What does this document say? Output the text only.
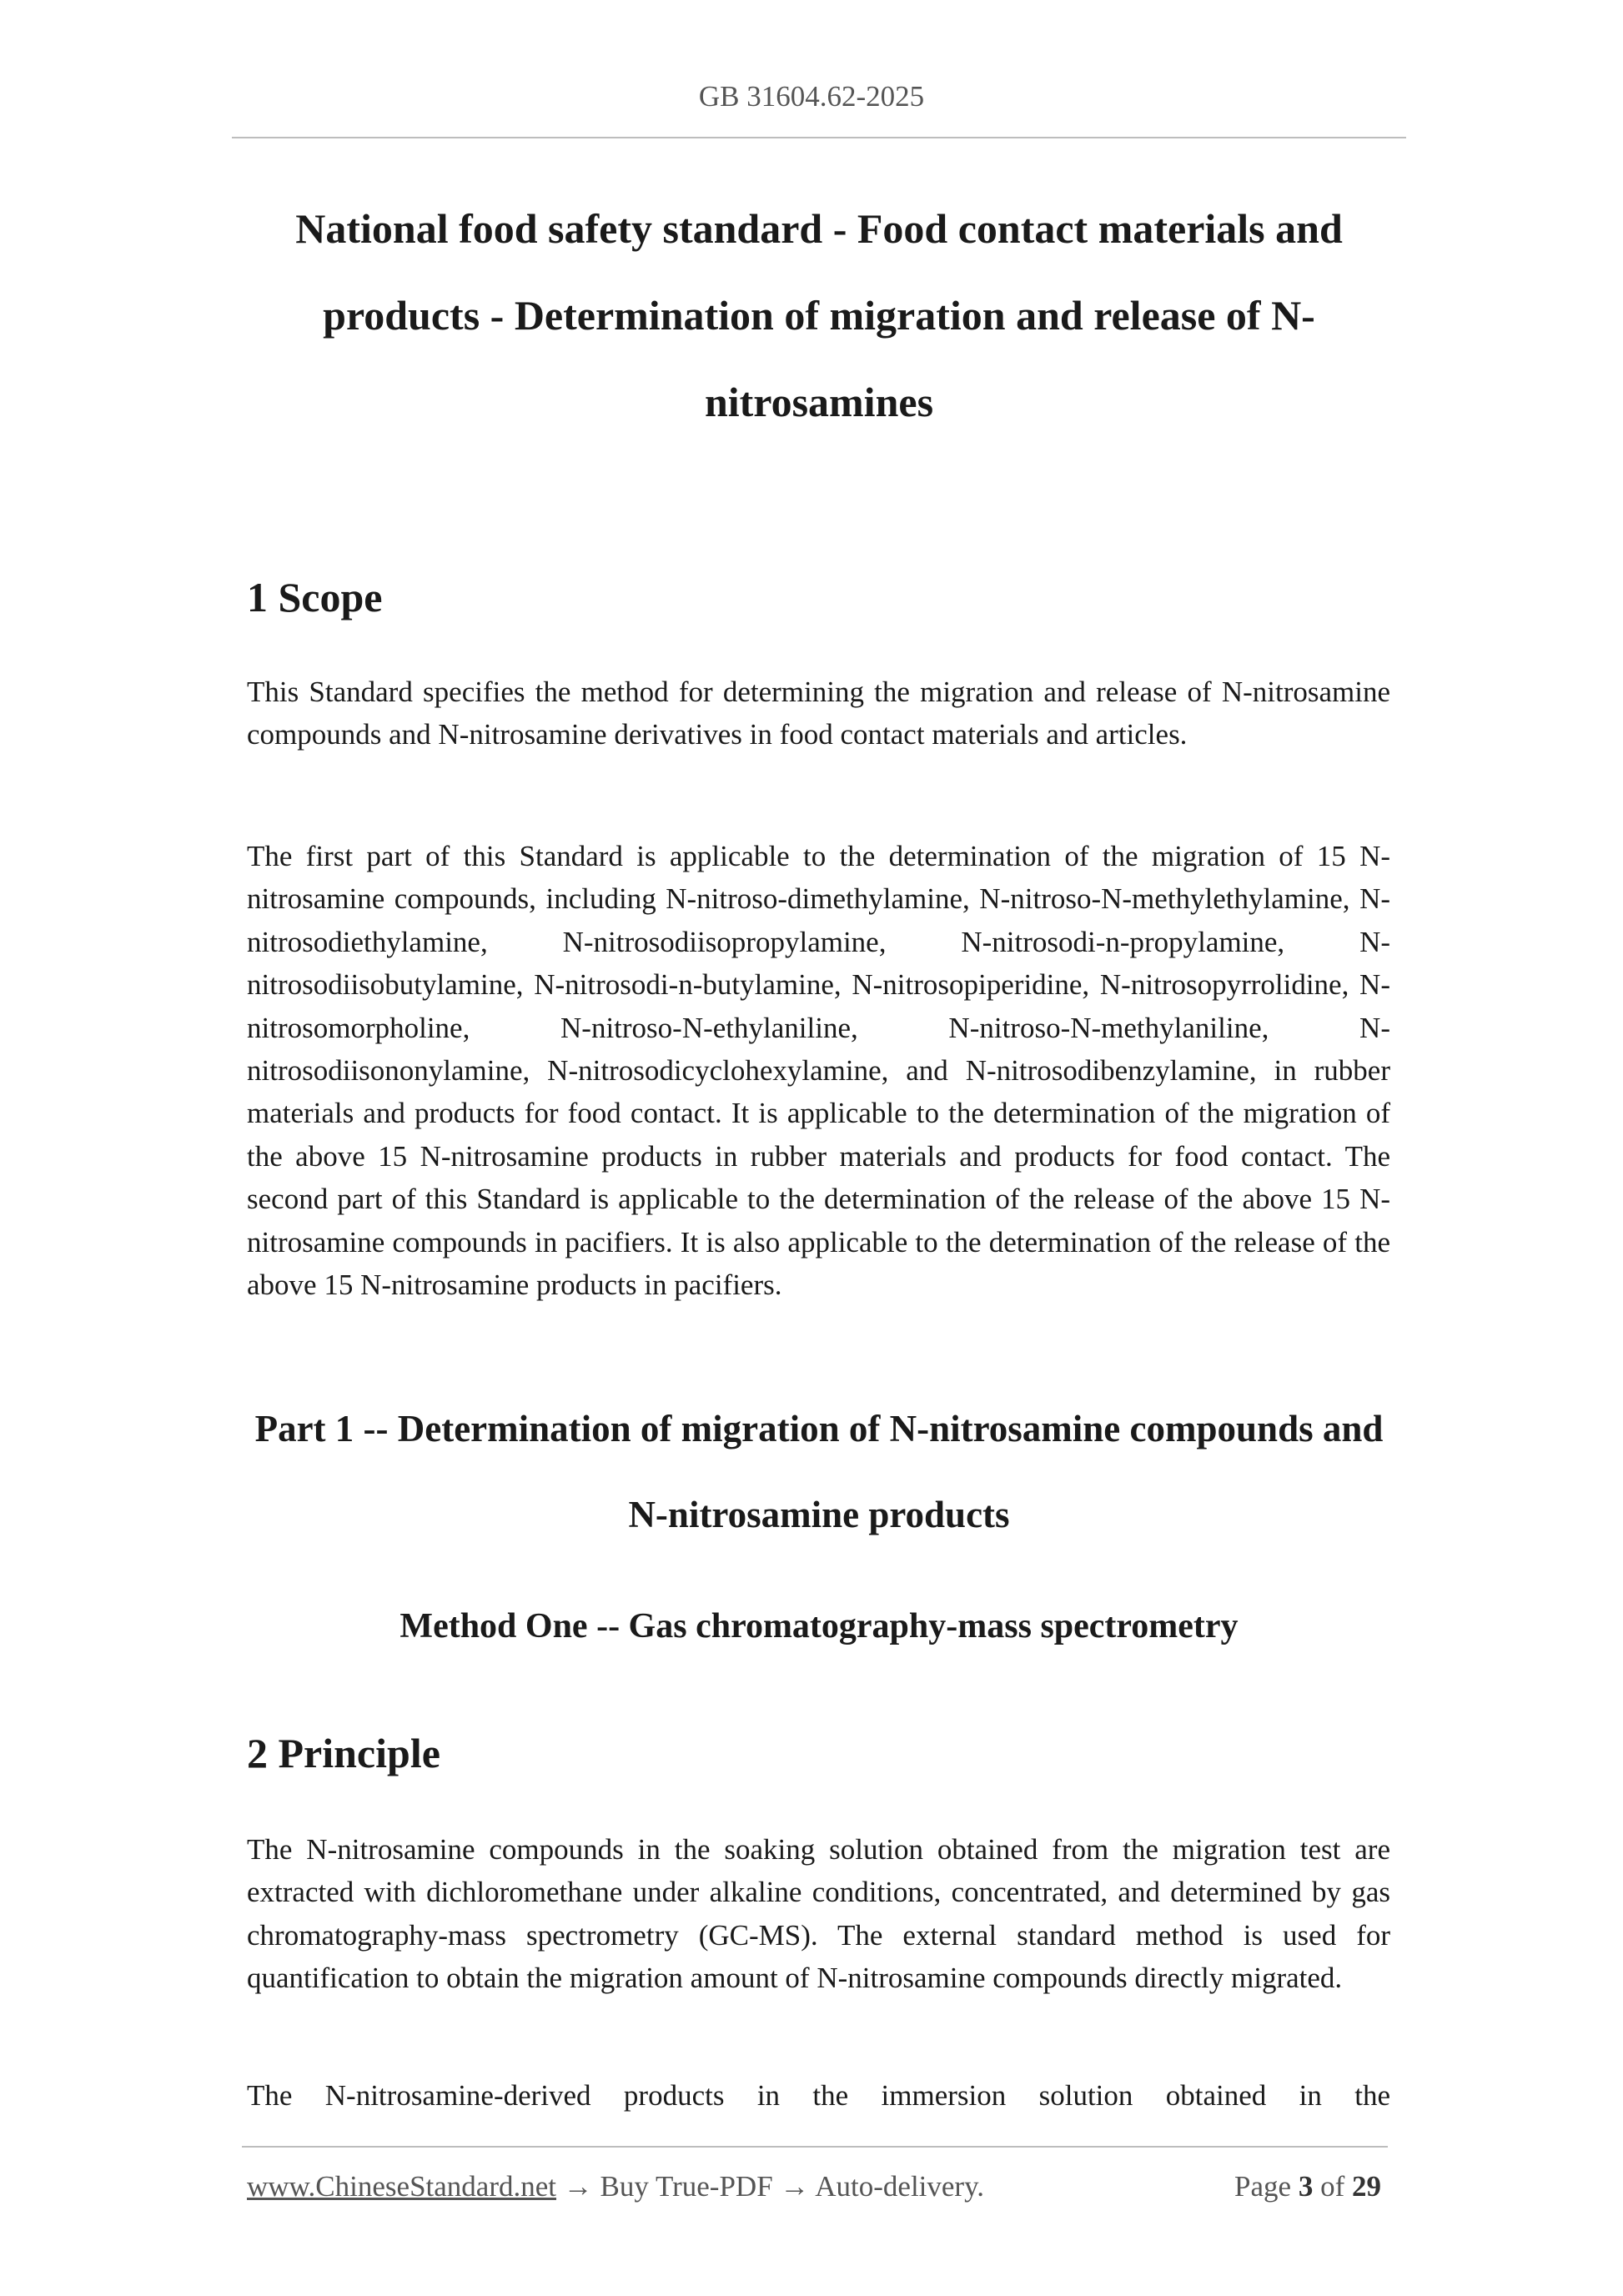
GB 31604.62-2025
National food safety standard - Food contact materials and products - Determination of migration and release of N-nitrosamines
1 Scope

This Standard specifies the method for determining the migration and release of N-nitrosamine compounds and N-nitrosamine derivatives in food contact materials and articles.

The first part of this Standard is applicable to the determination of the migration of 15 N-nitrosamine compounds, including N-nitroso-dimethylamine, N-nitroso-N-methylethylamine, N-nitrosodiethylamine, N-nitrosodiisopropylamine, N-nitrosodi-n-propylamine, N-nitrosodiisobutylamine, N-nitrosodi-n-butylamine, N-nitrosopiperidine, N-nitrosopyrrolidine, N-nitrosomorpholine, N-nitroso-N-ethylaniline, N-nitroso-N-methylaniline, N-nitrosodiisononylamine, N-nitrosodicyclohexylamine, and N-nitrosodibenzylamine, in rubber materials and products for food contact. It is applicable to the determination of the migration of the above 15 N-nitrosamine products in rubber materials and products for food contact. The second part of this Standard is applicable to the determination of the release of the above 15 N-nitrosamine compounds in pacifiers. It is also applicable to the determination of the release of the above 15 N-nitrosamine products in pacifiers.

Part 1 -- Determination of migration of N-nitrosamine compounds and N-nitrosamine products
Method One -- Gas chromatography-mass spectrometry
2 Principle

The N-nitrosamine compounds in the soaking solution obtained from the migration test are extracted with dichloromethane under alkaline conditions, concentrated, and determined by gas chromatography-mass spectrometry (GC-MS). The external standard method is used for quantification to obtain the migration amount of N-nitrosamine compounds directly migrated.

The N-nitrosamine-derived products in the immersion solution obtained in the

www.ChineseStandard.net → Buy True-PDF → Auto-delivery.	Page 3 of 29
